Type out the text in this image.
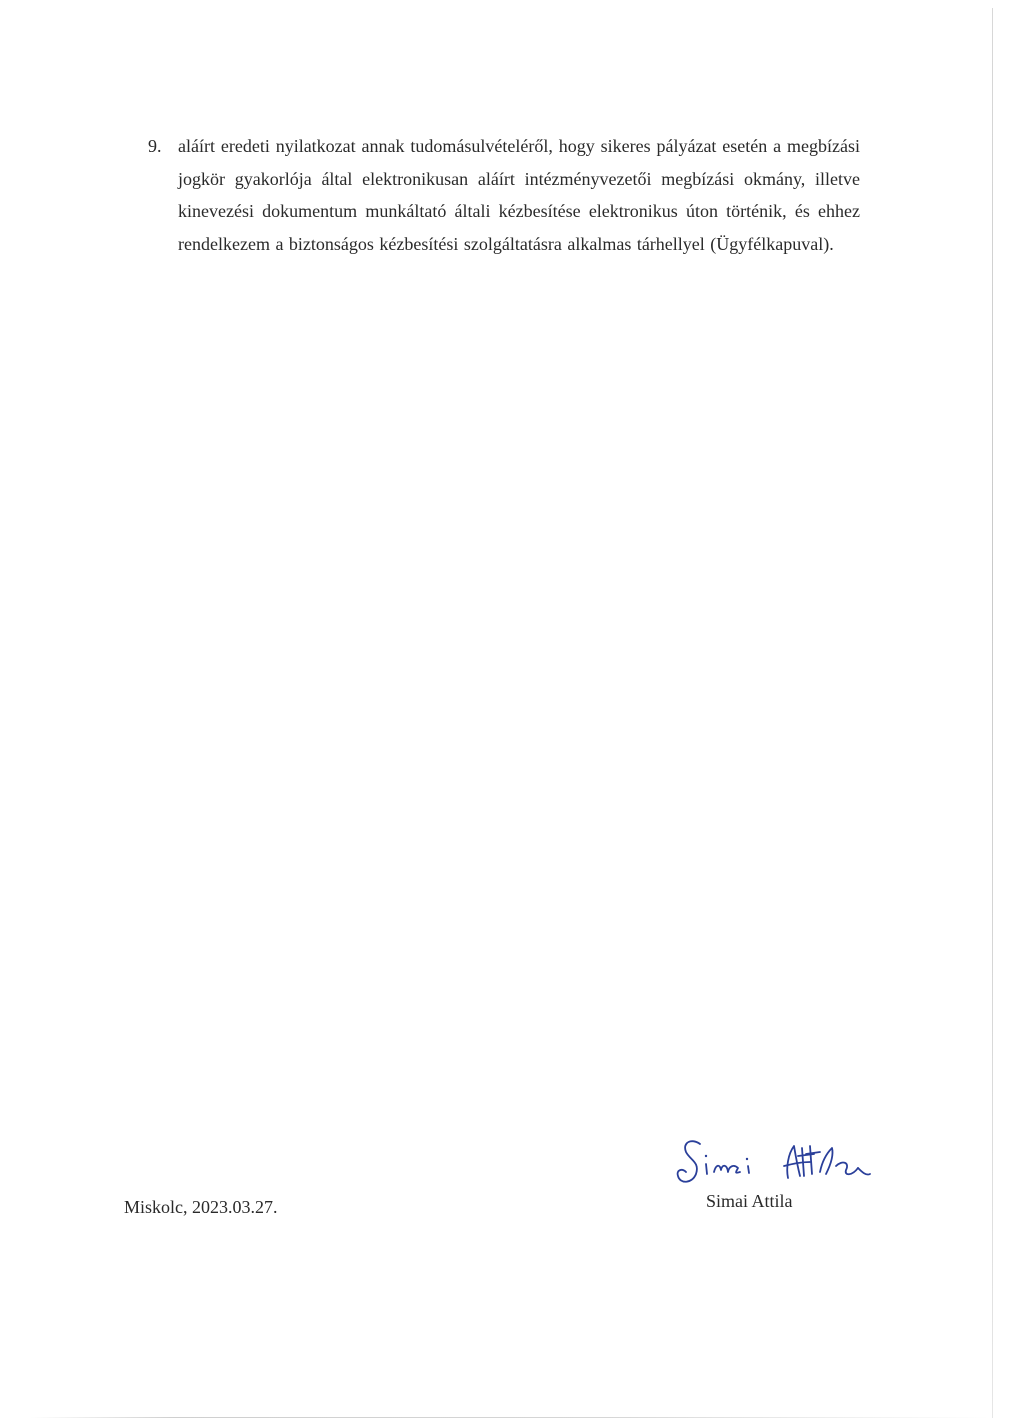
9. aláírt eredeti nyilatkozat annak tudomásulvételéről, hogy sikeres pályázat esetén a megbízási jogkör gyakorlója által elektronikusan aláírt intézményvezetői megbízási okmány, illetve kinevezési dokumentum munkáltató általi kézbesítése elektronikus úton történik, és ehhez rendelkezem a biztonságos kézbesítési szolgáltatásra alkalmas tárhellyel (Ügyfélkapuval).
Miskolc, 2023.03.27.	Simai Attila
